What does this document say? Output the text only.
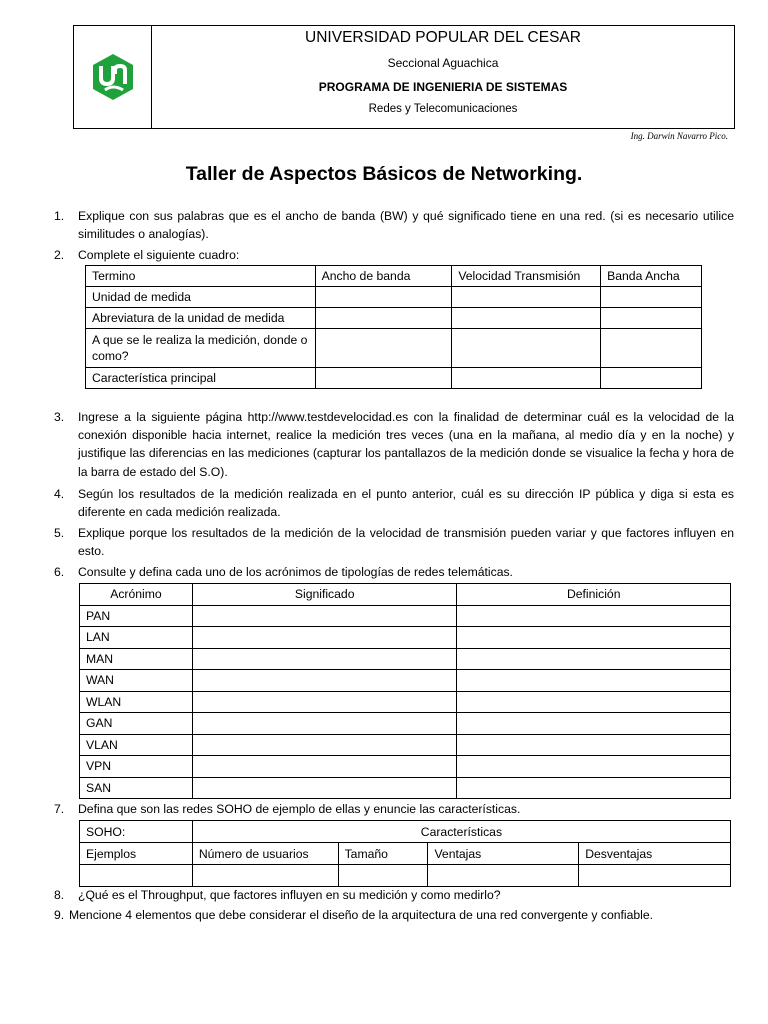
UNIVERSIDAD POPULAR DEL CESAR
Seccional Aguachica
PROGRAMA DE INGENIERIA DE SISTEMAS
Redes y Telecomunicaciones
Ing. Darwin Navarro Pico.
Taller de Aspectos Básicos de Networking.
1. Explique con sus palabras que es el ancho de banda (BW) y qué significado tiene en una red. (si es necesario utilice similitudes o analogías).
2. Complete el siguiente cuadro:
Termino	Ancho de banda	Velocidad Transmisión	Banda Ancha
Unidad de medida			
Abreviatura de la unidad de medida			
A que se le realiza la medición, donde o como?			
Característica principal			
3. Ingrese a la siguiente página http://www.testdevelocidad.es con la finalidad de determinar cuál es la velocidad de la conexión disponible hacia internet, realice la medición tres veces (una en la mañana, al medio día y en la noche) y justifique las diferencias en las mediciones (capturar los pantallazos de la medición donde se visualice la fecha y hora de la barra de estado del S.O).
4. Según los resultados de la medición realizada en el punto anterior, cuál es su dirección IP pública y diga si esta es diferente en cada medición realizada.
5. Explique porque los resultados de la medición de la velocidad de transmisión pueden variar y que factores influyen en esto.
6. Consulte y defina cada uno de los acrónimos de tipologías de redes telemáticas.
Acrónimo	Significado	Definición
PAN		
LAN		
MAN		
WAN		
WLAN		
GAN		
VLAN		
VPN		
SAN		
7. Defina que son las redes SOHO de ejemplo de ellas y enuncie las características.
SOHO:	Características			
Ejemplos	Número de usuarios	Tamaño	Ventajas	Desventajas

8. ¿Qué es el Throughput, que factores influyen en su medición y como medirlo?
9. Mencione 4 elementos que debe considerar el diseño de la arquitectura de una red convergente y confiable.
